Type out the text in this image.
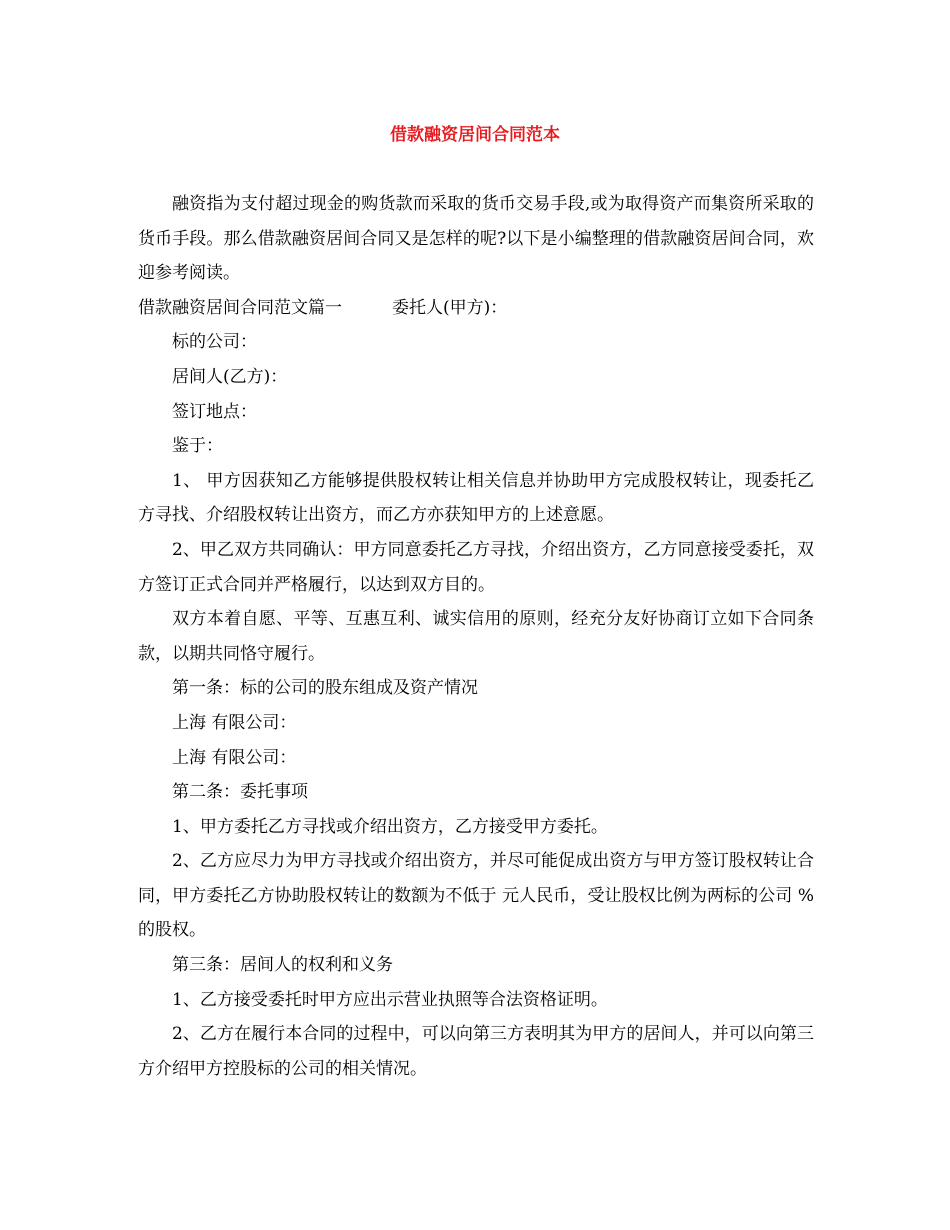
借款融资居间合同范本

融资指为支付超过现金的购货款而采取的货币交易手段,或为取得资产而集资所采取的货币手段。那么借款融资居间合同又是怎样的呢?以下是小编整理的借款融资居间合同，欢迎参考阅读。

借款融资居间合同范文篇一	委托人(甲方)：

标的公司：

居间人(乙方)：

签订地点：

鉴于：

1、 甲方因获知乙方能够提供股权转让相关信息并协助甲方完成股权转让，现委托乙方寻找、介绍股权转让出资方，而乙方亦获知甲方的上述意愿。

2、甲乙双方共同确认：甲方同意委托乙方寻找，介绍出资方，乙方同意接受委托，双方签订正式合同并严格履行，以达到双方目的。

双方本着自愿、平等、互惠互利、诚实信用的原则，经充分友好协商订立如下合同条款，以期共同恪守履行。

第一条：标的公司的股东组成及资产情况

上海 有限公司：

上海 有限公司：

第二条：委托事项

1、甲方委托乙方寻找或介绍出资方，乙方接受甲方委托。

2、乙方应尽力为甲方寻找或介绍出资方，并尽可能促成出资方与甲方签订股权转让合同，甲方委托乙方协助股权转让的数额为不低于 元人民币，受让股权比例为两标的公司 %的股权。

第三条：居间人的权利和义务

1、乙方接受委托时甲方应出示营业执照等合法资格证明。

2、乙方在履行本合同的过程中，可以向第三方表明其为甲方的居间人，并可以向第三方介绍甲方控股标的公司的相关情况。
